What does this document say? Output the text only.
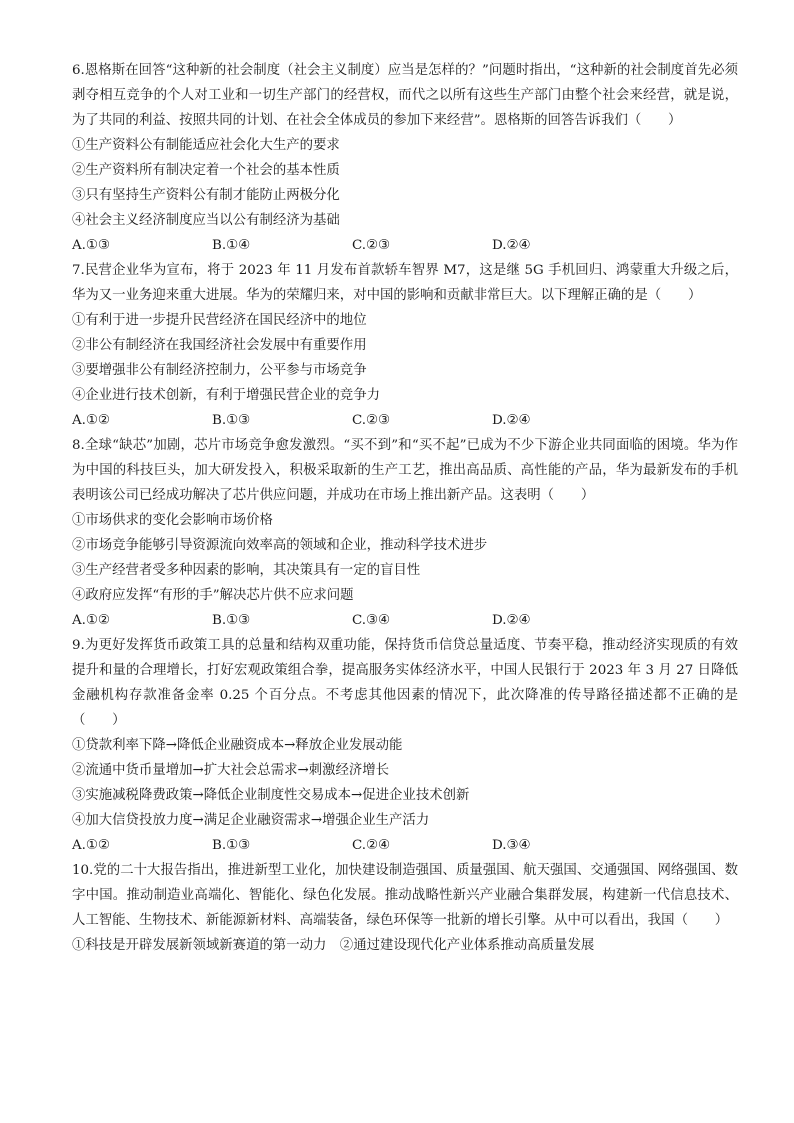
6.恩格斯在回答“这种新的社会制度（社会主义制度）应当是怎样的？”问题时指出，“这种新的社会制度首先必须剥夺相互竞争的个人对工业和一切生产部门的经营权，而代之以所有这些生产部门由整个社会来经营，就是说，为了共同的利益、按照共同的计划、在社会全体成员的参加下来经营”。恩格斯的回答告诉我们（　　）

①生产资料公有制能适应社会化大生产的要求

②生产资料所有制决定着一个社会的基本性质

③只有坚持生产资料公有制才能防止两极分化

④社会主义经济制度应当以公有制经济为基础

A.①③	B.①④	C.②③	D.②④

7.民营企业华为宣布，将于 2023 年 11 月发布首款轿车智界 M7，这是继 5G 手机回归、鸿蒙重大升级之后，华为又一业务迎来重大进展。华为的荣耀归来，对中国的影响和贡献非常巨大。以下理解正确的是（　　）

①有利于进一步提升民营经济在国民经济中的地位

②非公有制经济在我国经济社会发展中有重要作用

③要增强非公有制经济控制力，公平参与市场竞争

④企业进行技术创新，有利于增强民营企业的竞争力

A.①②	B.①③	C.②③	D.②④

8.全球“缺芯”加剧，芯片市场竞争愈发激烈。“买不到”和“买不起”已成为不少下游企业共同面临的困境。华为作为中国的科技巨头，加大研发投入，积极采取新的生产工艺，推出高品质、高性能的产品，华为最新发布的手机表明该公司已经成功解决了芯片供应问题，并成功在市场上推出新产品。这表明（　　）

①市场供求的变化会影响市场价格

②市场竞争能够引导资源流向效率高的领域和企业，推动科学技术进步

③生产经营者受多种因素的影响，其决策具有一定的盲目性

④政府应发挥“有形的手”解决芯片供不应求问题

A.①②	B.①③	C.③④	D.②④

9.为更好发挥货币政策工具的总量和结构双重功能，保持货币信贷总量适度、节奏平稳，推动经济实现质的有效提升和量的合理增长，打好宏观政策组合拳，提高服务实体经济水平，中国人民银行于 2023 年 3 月 27 日降低金融机构存款准备金率 0.25 个百分点。不考虑其他因素的情况下，此次降准的传导路径描述都不正确的是（　　）

①贷款利率下降→降低企业融资成本→释放企业发展动能

②流通中货币量增加→扩大社会总需求→刺激经济增长

③实施减税降费政策→降低企业制度性交易成本→促进企业技术创新

④加大信贷投放力度→满足企业融资需求→增强企业生产活力

A.①②	B.①③	C.②④	D.③④

10.党的二十大报告指出，推进新型工业化，加快建设制造强国、质量强国、航天强国、交通强国、网络强国、数字中国。推动制造业高端化、智能化、绿色化发展。推动战略性新兴产业融合集群发展，构建新一代信息技术、人工智能、生物技术、新能源新材料、高端装备，绿色环保等一批新的增长引擎。从中可以看出，我国（　　）

①科技是开辟发展新领域新赛道的第一动力　②通过建设现代化产业体系推动高质量发展
